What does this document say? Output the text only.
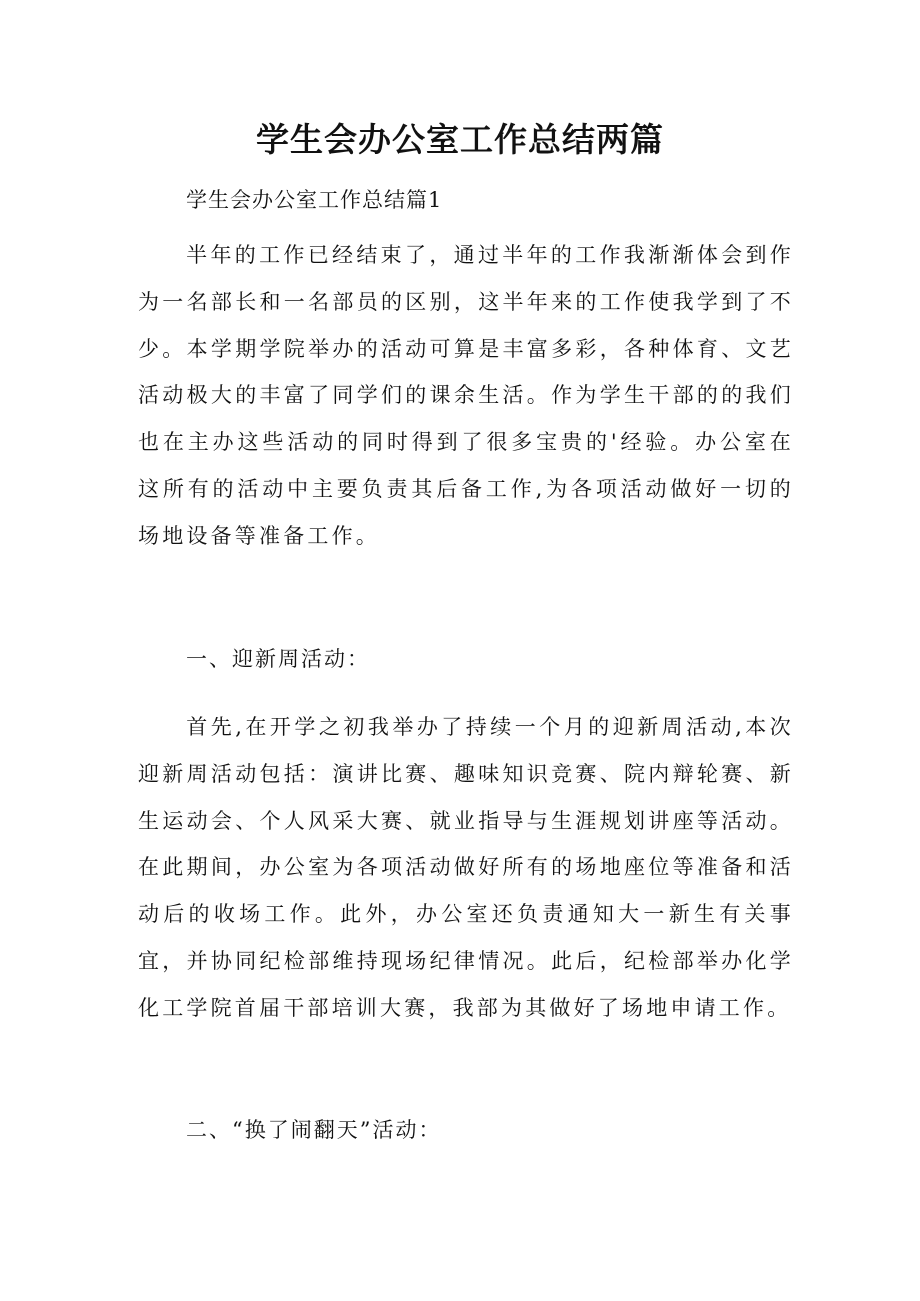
学生会办公室工作总结两篇

学生会办公室工作总结篇1

半年的工作已经结束了，通过半年的工作我渐渐体会到作为一名部长和一名部员的区别，这半年来的工作使我学到了不少。本学期学院举办的活动可算是丰富多彩，各种体育、文艺活动极大的丰富了同学们的课余生活。作为学生干部的的我们也在主办这些活动的同时得到了很多宝贵的'经验。办公室在这所有的活动中主要负责其后备工作,为各项活动做好一切的场地设备等准备工作。

一、迎新周活动：

首先,在开学之初我举办了持续一个月的迎新周活动,本次迎新周活动包括：演讲比赛、趣味知识竞赛、院内辩轮赛、新生运动会、个人风采大赛、就业指导与生涯规划讲座等活动。在此期间，办公室为各项活动做好所有的场地座位等准备和活动后的收场工作。此外，办公室还负责通知大一新生有关事宜，并协同纪检部维持现场纪律情况。此后，纪检部举办化学化工学院首届干部培训大赛，我部为其做好了场地申请工作。

二、“换了闹翻天”活动：
